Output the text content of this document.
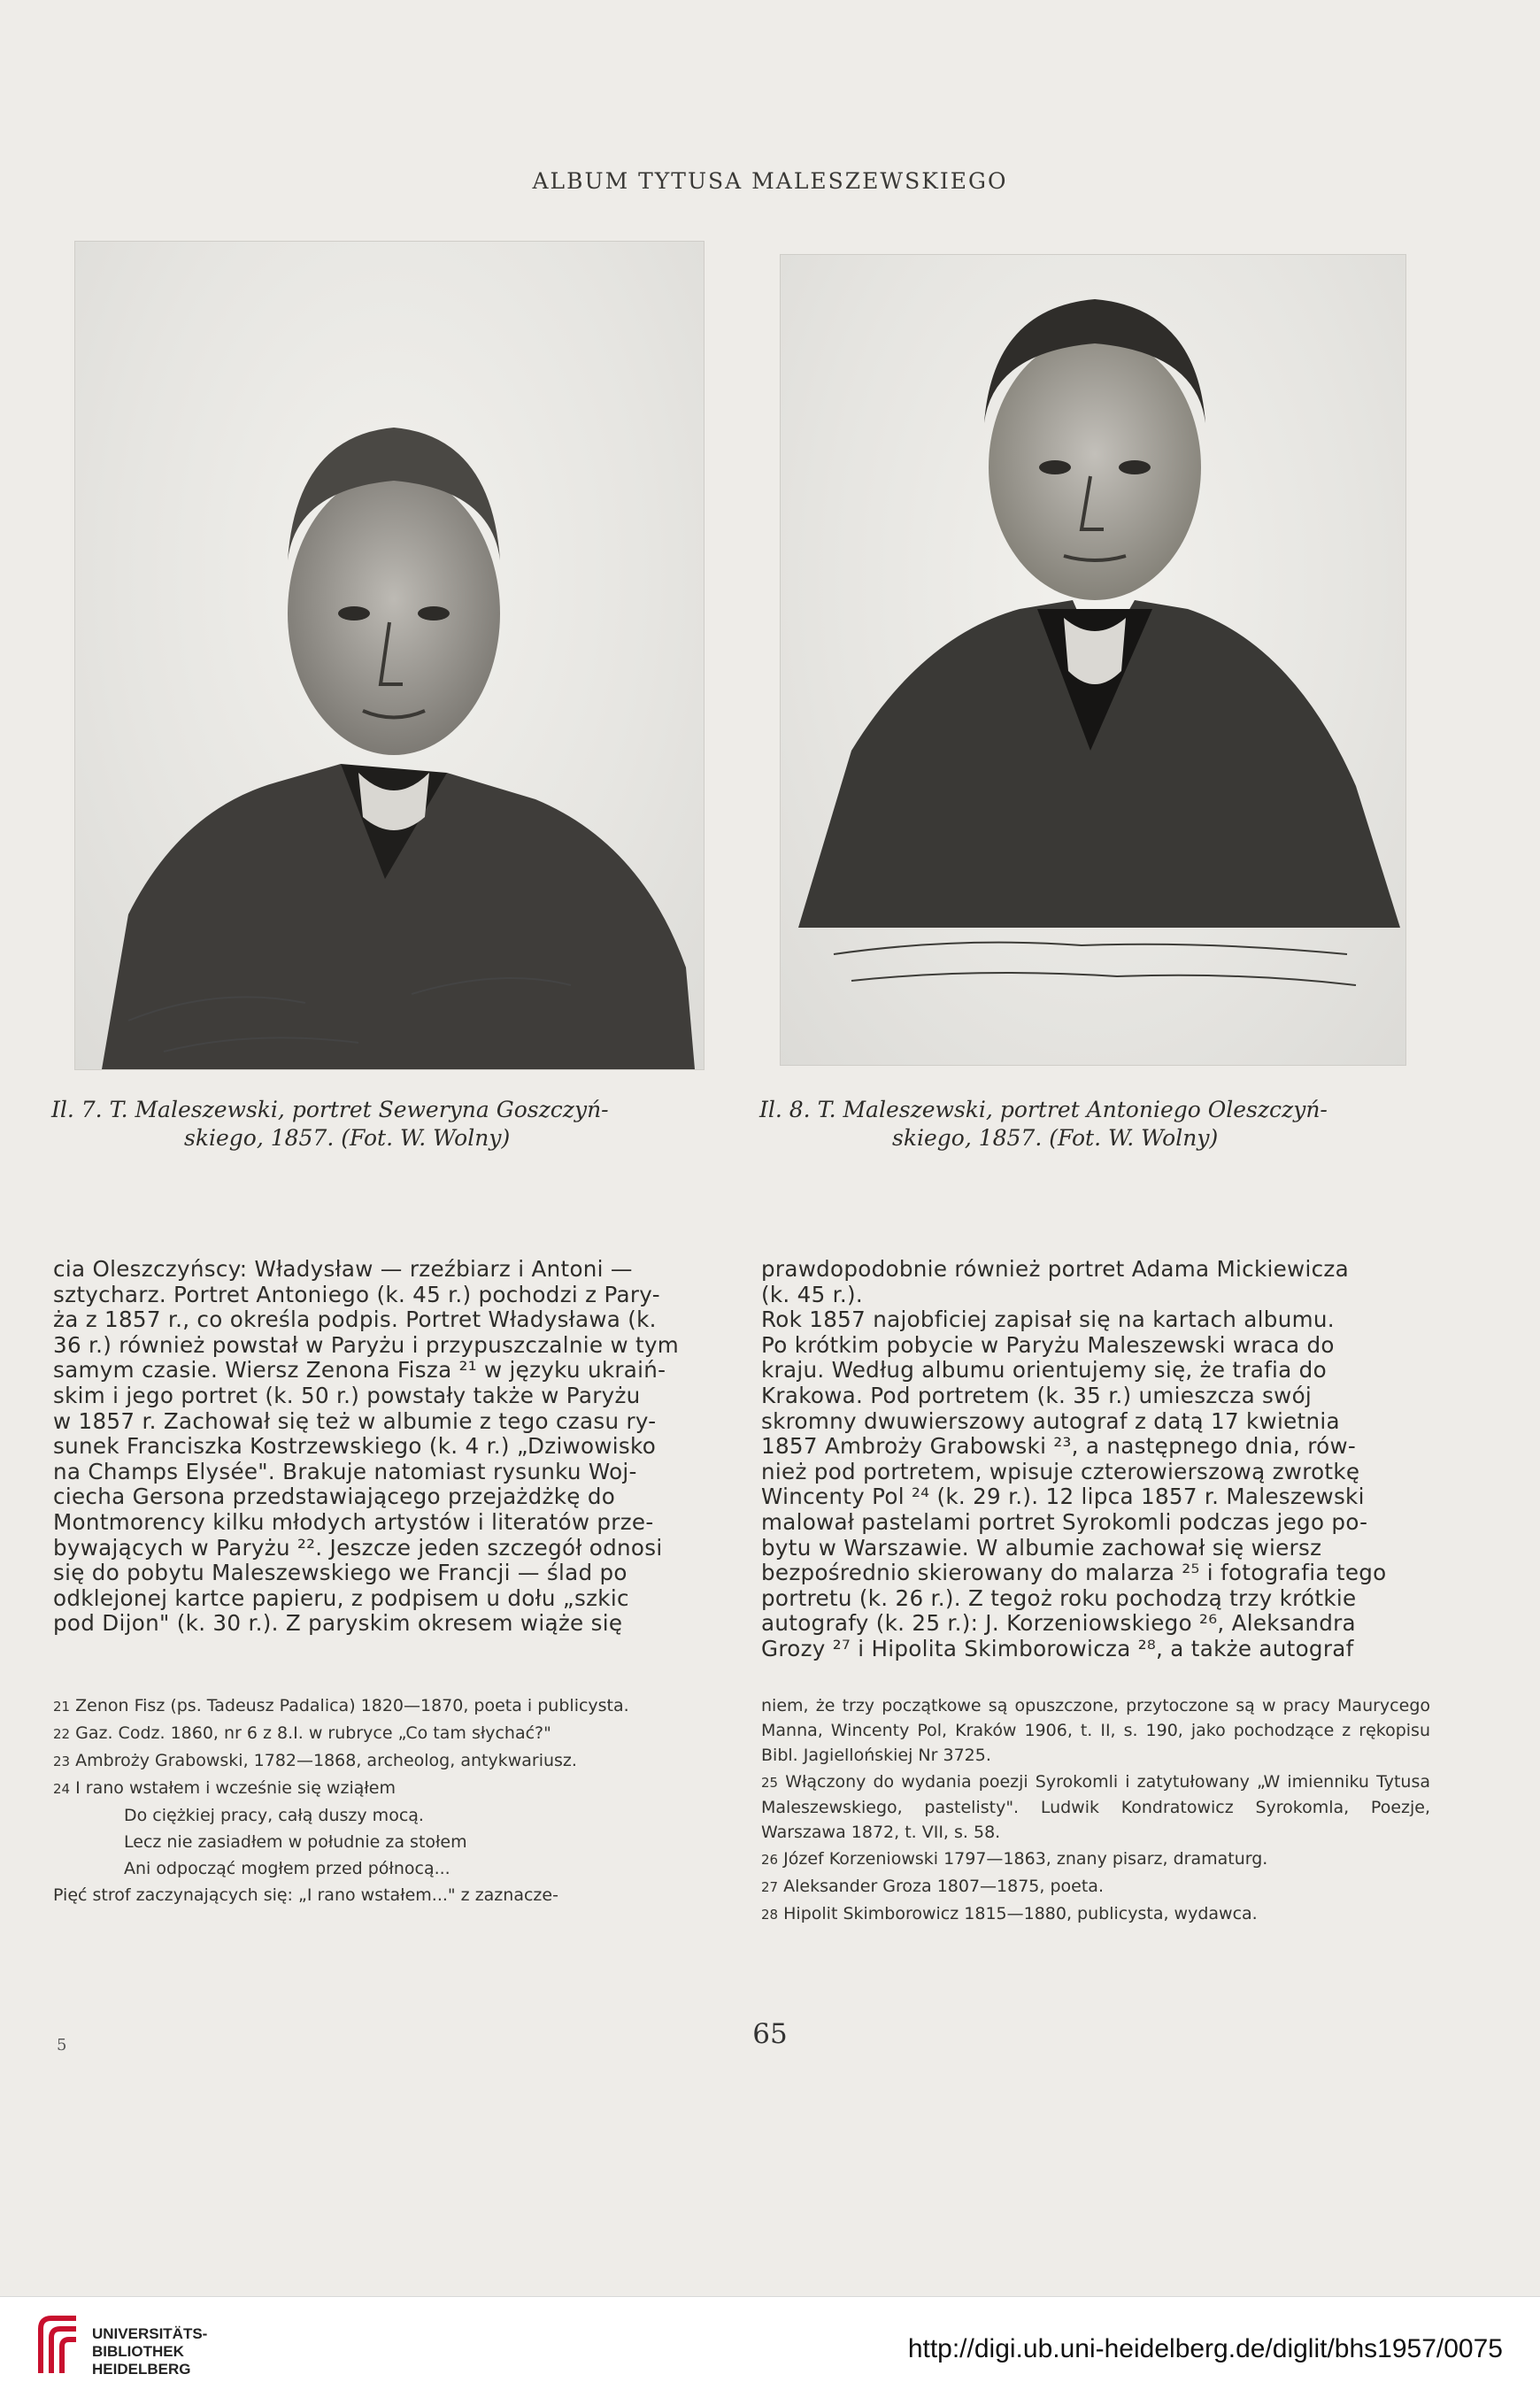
ALBUM TYTUSA MALESZEWSKIEGO
Il. 7. T. Maleszewski, portret Seweryna Goszczyń-
skiego, 1857. (Fot. W. Wolny)
Il. 8. T. Maleszewski, portret Antoniego Oleszczyń-
skiego, 1857. (Fot. W. Wolny)

cia Oleszczyńscy: Władysław — rzeźbiarz i Antoni —

sztycharz. Portret Antoniego (k. 45 r.) pochodzi z Pary-

ża z 1857 r., co określa podpis. Portret Władysława (k.

36 r.) również powstał w Paryżu i przypuszczalnie w tym

samym czasie. Wiersz Zenona Fisza ²¹ w języku ukraiń-

skim i jego portret (k. 50 r.) powstały także w Paryżu

w 1857 r. Zachował się też w albumie z tego czasu ry-

sunek Franciszka Kostrzewskiego (k. 4 r.) „Dziwowisko

na Champs Elysée". Brakuje natomiast rysunku Woj-

ciecha Gersona przedstawiającego przejażdżkę do

Montmorency kilku młodych artystów i literatów prze-

bywających w Paryżu ²². Jeszcze jeden szczegół odnosi

się do pobytu Maleszewskiego we Francji — ślad po

odklejonej kartce papieru, z podpisem u dołu „szkic

pod Dijon" (k. 30 r.). Z paryskim okresem wiąże się

prawdopodobnie również portret Adama Mickiewicza

(k. 45 r.).

Rok 1857 najobficiej zapisał się na kartach albumu.

Po krótkim pobycie w Paryżu Maleszewski wraca do

kraju. Według albumu orientujemy się, że trafia do

Krakowa. Pod portretem (k. 35 r.) umieszcza swój

skromny dwuwierszowy autograf z datą 17 kwietnia

1857 Ambroży Grabowski ²³, a następnego dnia, rów-

nież pod portretem, wpisuje czterowierszową zwrotkę

Wincenty Pol ²⁴ (k. 29 r.). 12 lipca 1857 r. Maleszewski

malował pastelami portret Syrokomli podczas jego po-

bytu w Warszawie. W albumie zachował się wiersz

bezpośrednio skierowany do malarza ²⁵ i fotografia tego

portretu (k. 26 r.). Z tegoż roku pochodzą trzy krótkie

autografy (k. 25 r.): J. Korzeniowskiego ²⁶, Aleksandra

Grozy ²⁷ i Hipolita Skimborowicza ²⁸, a także autograf

21 Zenon Fisz (ps. Tadeusz Padalica) 1820—1870, poeta i publicysta.

22 Gaz. Codz. 1860, nr 6 z 8.I. w rubryce „Co tam słychać?"

23 Ambroży Grabowski, 1782—1868, archeolog, antykwariusz.

24 I rano wstałem i wcześnie się wziąłem

Do ciężkiej pracy, całą duszy mocą.

Lecz nie zasiadłem w południe za stołem

Ani odpocząć mogłem przed północą...

Pięć strof zaczynających się: „I rano wstałem..." z zaznacze-

niem, że trzy początkowe są opuszczone, przytoczone są w pracy Maurycego Manna, Wincenty Pol, Kraków 1906, t. II, s. 190, jako pochodzące z rękopisu Bibl. Jagiellońskiej Nr 3725.

25 Włączony do wydania poezji Syrokomli i zatytułowany „W imienniku Tytusa Maleszewskiego, pastelisty". Ludwik Kondratowicz Syrokomla, Poezje, Warszawa 1872, t. VII, s. 58.

26 Józef Korzeniowski 1797—1863, znany pisarz, dramaturg.

27 Aleksander Groza 1807—1875, poeta.

28 Hipolit Skimborowicz 1815—1880, publicysta, wydawca.

5	65
UNIVERSITÄTS-
BIBLIOTHEK
HEIDELBERG
http://digi.ub.uni-heidelberg.de/diglit/bhs1957/0075
